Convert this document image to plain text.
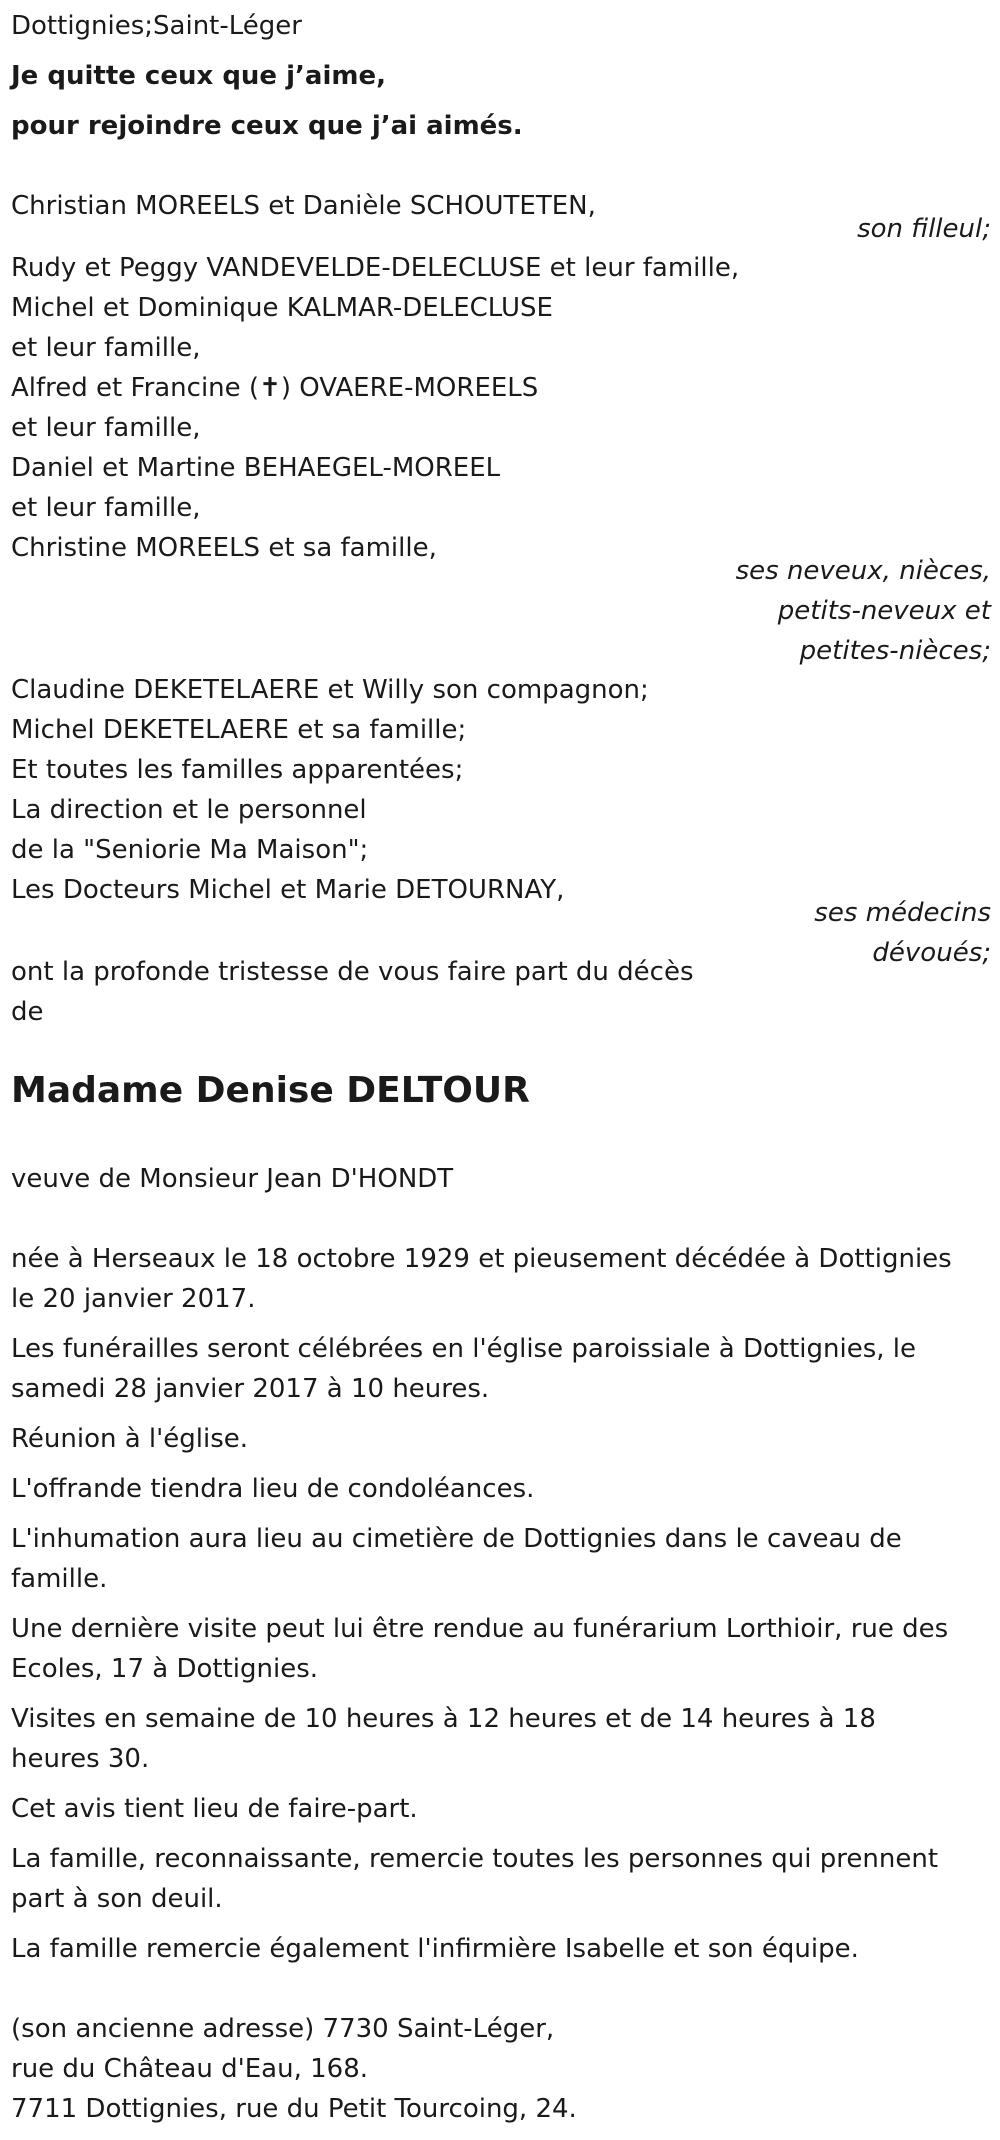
Dottignies;Saint-Léger
Je quitte ceux que j’aime,
pour rejoindre ceux que j’ai aimés.
Christian MOREELS et Danièle SCHOUTETEN,
son filleul;
Rudy et Peggy VANDEVELDE-DELECLUSE et leur famille,
Michel et Dominique KALMAR-DELECLUSE
et leur famille,
Alfred et Francine (✝) OVAERE-MOREELS
et leur famille,
Daniel et Martine BEHAEGEL-MOREEL
et leur famille,
Christine MOREELS et sa famille,
ses neveux, nièces,
petits-neveux et
petites-nièces;
Claudine DEKETELAERE et Willy son compagnon;
Michel DEKETELAERE et sa famille;
Et toutes les familles apparentées;
La direction et le personnel
de la "Seniorie Ma Maison";
Les Docteurs Michel et Marie DETOURNAY,
ses médecins
dévoués;
ont la profonde tristesse de vous faire part du décès
de
Madame Denise DELTOUR
veuve de Monsieur Jean D'HONDT
née à Herseaux le 18 octobre 1929 et pieusement décédée à Dottignies le 20 janvier 2017.
Les funérailles seront célébrées en l'église paroissiale à Dottignies, le samedi 28 janvier 2017 à 10 heures.
Réunion à l'église.
L'offrande tiendra lieu de condoléances.
L'inhumation aura lieu au cimetière de Dottignies dans le caveau de famille.
Une dernière visite peut lui être rendue au funérarium Lorthioir, rue des Ecoles, 17 à Dottignies.
Visites en semaine de 10 heures à 12 heures et de 14 heures à 18 heures 30.
Cet avis tient lieu de faire-part.
La famille, reconnaissante, remercie toutes les personnes qui prennent part à son deuil.
La famille remercie également l'infirmière Isabelle et son équipe.
(son ancienne adresse) 7730 Saint-Léger,
rue du Château d'Eau, 168.
7711 Dottignies, rue du Petit Tourcoing, 24.
